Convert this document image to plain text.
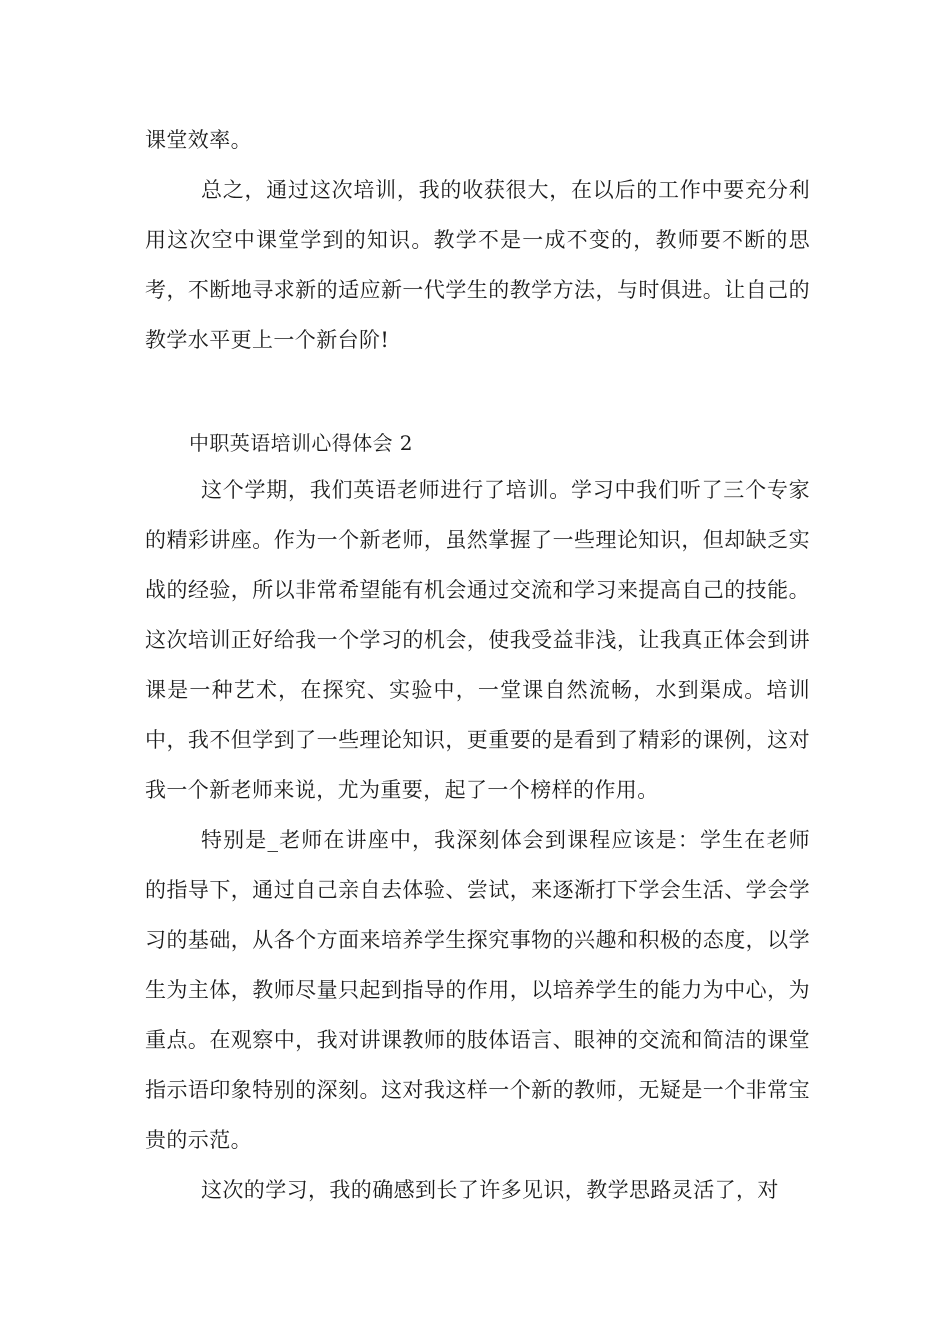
课堂效率。

总之，通过这次培训，我的收获很大，在以后的工作中要充分利用这次空中课堂学到的知识。教学不是一成不变的，教师要不断的思考，不断地寻求新的适应新一代学生的教学方法，与时俱进。让自己的教学水平更上一个新台阶!

中职英语培训心得体会 2

这个学期，我们英语老师进行了培训。学习中我们听了三个专家的精彩讲座。作为一个新老师，虽然掌握了一些理论知识，但却缺乏实战的经验，所以非常希望能有机会通过交流和学习来提高自己的技能。这次培训正好给我一个学习的机会，使我受益非浅，让我真正体会到讲课是一种艺术，在探究、实验中，一堂课自然流畅，水到渠成。培训中，我不但学到了一些理论知识，更重要的是看到了精彩的课例，这对我一个新老师来说，尤为重要，起了一个榜样的作用。

特别是_老师在讲座中，我深刻体会到课程应该是：学生在老师的指导下，通过自己亲自去体验、尝试，来逐渐打下学会生活、学会学习的基础，从各个方面来培养学生探究事物的兴趣和积极的态度，以学生为主体，教师尽量只起到指导的作用，以培养学生的能力为中心，为重点。在观察中，我对讲课教师的肢体语言、眼神的交流和简洁的课堂指示语印象特别的深刻。这对我这样一个新的教师，无疑是一个非常宝贵的示范。

这次的学习，我的确感到长了许多见识，教学思路灵活了，对
